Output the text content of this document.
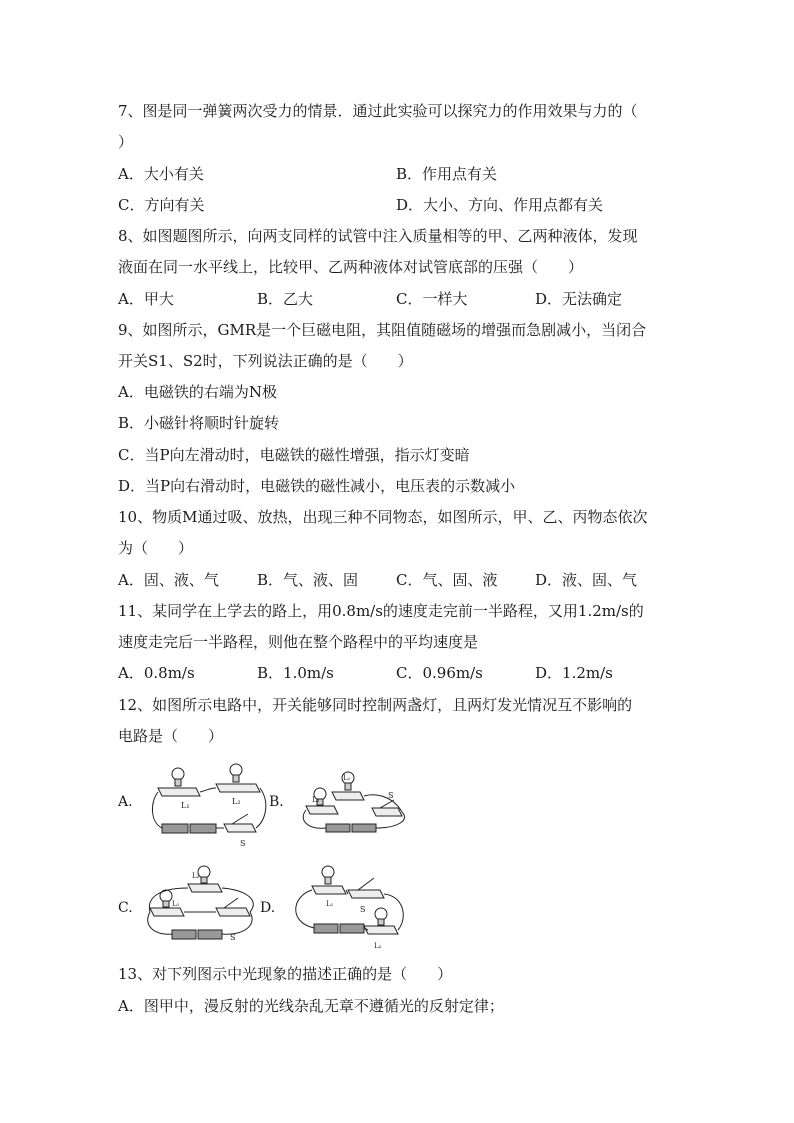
7、图是同一弹簧两次受力的情景．通过此实验可以探究力的作用效果与力的（
）
A．大小有关	B．作用点有关
C．方向有关	D．大小、方向、作用点都有关
8、如图题图所示，向两支同样的试管中注入质量相等的甲、乙两种液体，发现
液面在同一水平线上，比较甲、乙两种液体对试管底部的压强（　　）
A．甲大	B．乙大	C．一样大	D．无法确定
9、如图所示，GMR是一个巨磁电阻，其阻值随磁场的增强而急剧减小，当闭合
开关S1、S2时，下列说法正确的是（　　）
A．电磁铁的右端为N极
B．小磁针将顺时针旋转
C．当P向左滑动时，电磁铁的磁性增强，指示灯变暗
D．当P向右滑动时，电磁铁的磁性减小，电压表的示数减小
10、物质M通过吸、放热，出现三种不同物态，如图所示，甲、乙、丙物态依次
为（　　）
A．固、液、气	B．气、液、固	C．气、固、液	D．液、固、气
11、某同学在上学去的路上，用0.8m/s的速度走完前一半路程，又用1.2m/s的
速度走完后一半路程，则他在整个路程中的平均速度是
A．0.8m/s	B．1.0m/s	C．0.96m/s	D．1.2m/s
12、如图所示电路中，开关能够同时控制两盏灯，且两灯发光情况互不影响的
电路是（　　）
A.	B.
C.	D.
L₁	L₂
S
L₁
L₂	S
L₂
L₁
S
L₁
S
L₂
13、对下列图示中光现象的描述正确的是（　　）
A．图甲中，漫反射的光线杂乱无章不遵循光的反射定律；
